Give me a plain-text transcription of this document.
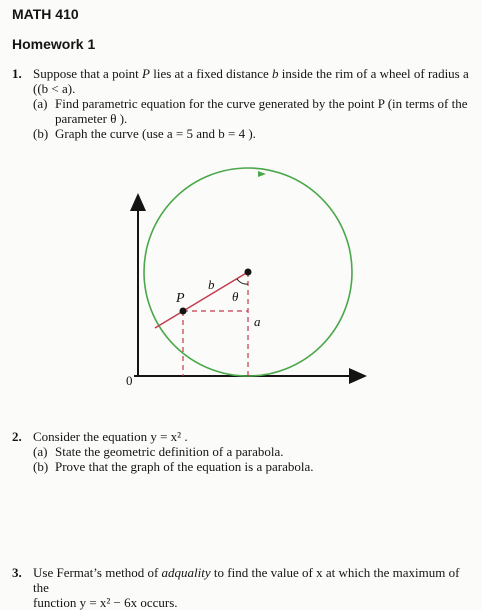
MATH 410
Homework 1
1. Suppose that a point P lies at a fixed distance b inside the rim of a wheel of radius a
((b < a).
(a) Find parametric equation for the curve generated by the point P (in terms of the
parameter θ ).
(b) Graph the curve (use a = 5 and b = 4 ).
P
b
θ
a
0
2. Consider the equation y = x² .
(a) State the geometric definition of a parabola.
(b) Prove that the graph of the equation is a parabola.
3. Use Fermat’s method of adquality to find the value of x at which the maximum of the
function y = x² − 6x occurs.
